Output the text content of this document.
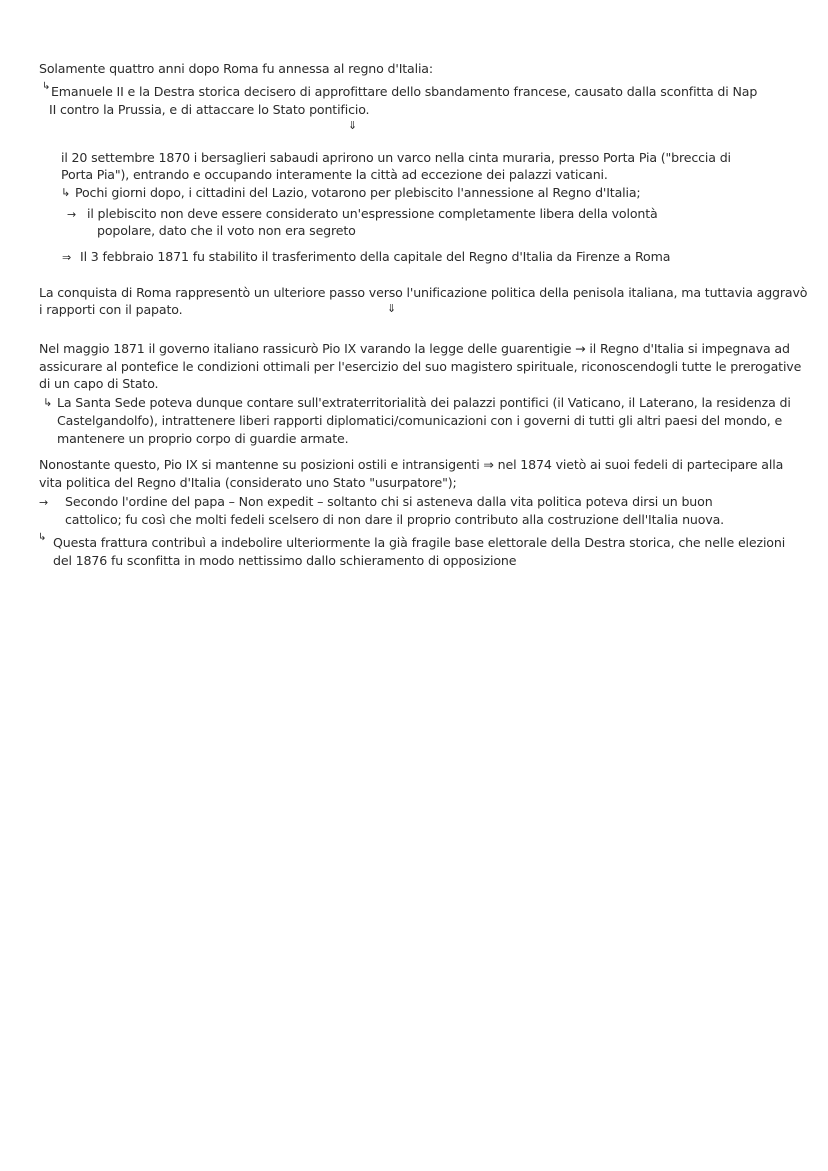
Solamente quattro anni dopo Roma fu annessa al regno d'Italia:
↳ Emanuele II e la Destra storica decisero di approfittare dello sbandamento francese, causato dalla sconfitta di Nap
II contro la Prussia, e di attaccare lo Stato pontificio.
⇓
il 20 settembre 1870 i bersaglieri sabaudi aprirono un varco nella cinta muraria, presso Porta Pia ("breccia di
Porta Pia"), entrando e occupando interamente la città ad eccezione dei palazzi vaticani.
↳ Pochi giorni dopo, i cittadini del Lazio, votarono per plebiscito l'annessione al Regno d'Italia;
→ il plebiscito non deve essere considerato un'espressione completamente libera della volontà
popolare, dato che il voto non era segreto
⇒ Il 3 febbraio 1871 fu stabilito il trasferimento della capitale del Regno d'Italia da Firenze a Roma
La conquista di Roma rappresentò un ulteriore passo verso l'unificazione politica della penisola italiana, ma tuttavia aggravò
i rapporti con il papato.	⇓
Nel maggio 1871 il governo italiano rassicurò Pio IX varando la legge delle guarentigie → il Regno d'Italia si impegnava ad
assicurare al pontefice le condizioni ottimali per l'esercizio del suo magistero spirituale, riconoscendogli tutte le prerogative
di un capo di Stato.
↳ La Santa Sede poteva dunque contare sull'extraterritorialità dei palazzi pontifici (il Vaticano, il Laterano, la residenza di
Castelgandolfo), intrattenere liberi rapporti diplomatici/comunicazioni con i governi di tutti gli altri paesi del mondo, e
mantenere un proprio corpo di guardie armate.
Nonostante questo, Pio IX si mantenne su posizioni ostili e intransigenti ⇒ nel 1874 vietò ai suoi fedeli di partecipare alla
vita politica del Regno d'Italia (considerato uno Stato "usurpatore");
→ Secondo l'ordine del papa – Non expedit – soltanto chi si asteneva dalla vita politica poteva dirsi un buon
cattolico; fu così che molti fedeli scelsero di non dare il proprio contributo alla costruzione dell'Italia nuova.
↳ Questa frattura contribuì a indebolire ulteriormente la già fragile base elettorale della Destra storica, che nelle elezioni
del 1876 fu sconfitta in modo nettissimo dallo schieramento di opposizione
